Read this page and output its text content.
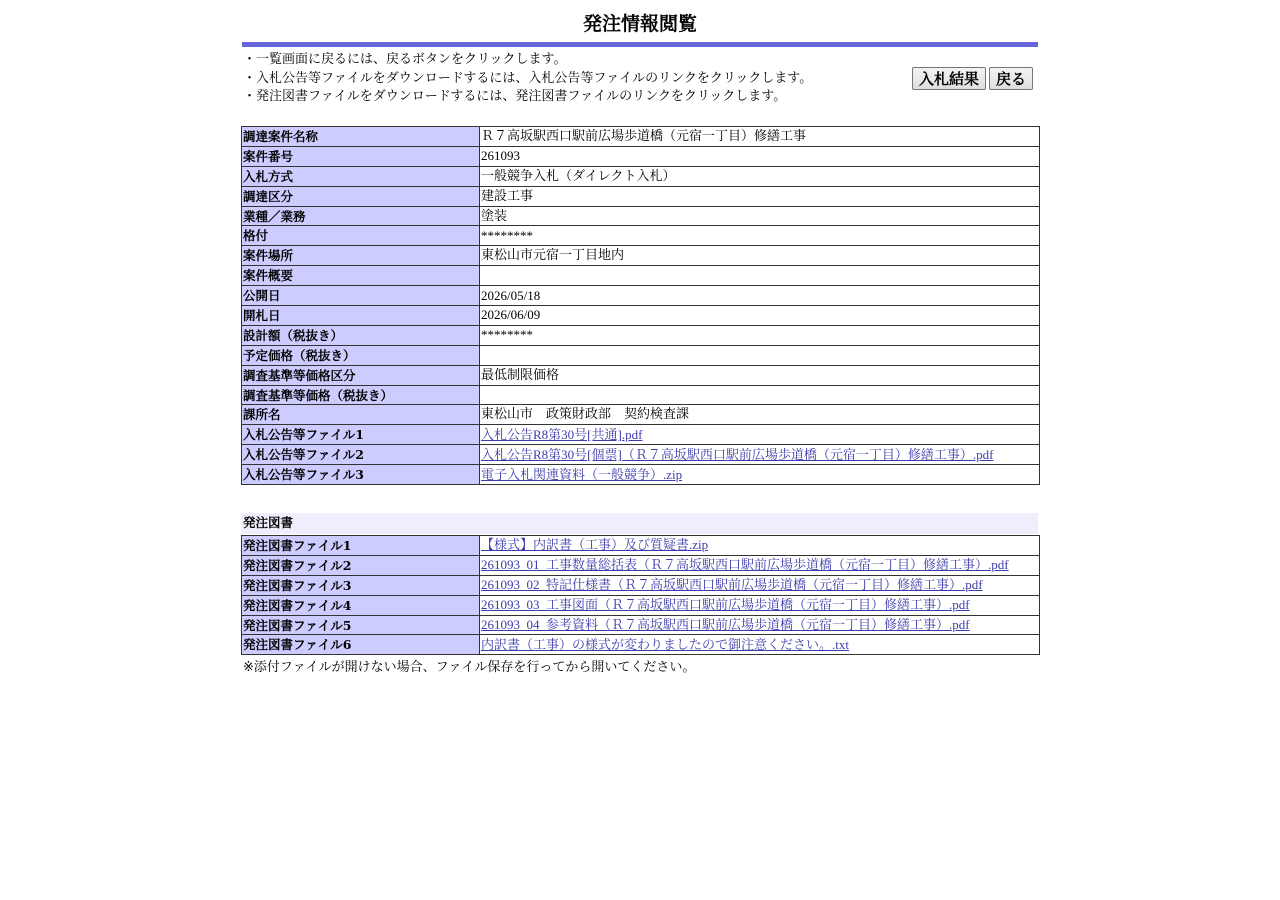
発注情報閲覧
・一覧画面に戻るには、戻るボタンをクリックします。
・入札公告等ファイルをダウンロードするには、入札公告等ファイルのリンクをクリックします。
・発注図書ファイルをダウンロードするには、発注図書ファイルのリンクをクリックします。
入札結果 戻る
調達案件名称	Ｒ７高坂駅西口駅前広場歩道橋（元宿一丁目）修繕工事
案件番号	261093
入札方式	一般競争入札（ダイレクト入札）
調達区分	建設工事
業種／業務	塗装
格付	********
案件場所	東松山市元宿一丁目地内
案件概要	
公開日	2026/05/18
開札日	2026/06/09
設計額（税抜き）	********
予定価格（税抜き）	
調査基準等価格区分	最低制限価格
調査基準等価格（税抜き）	
課所名	東松山市　政策財政部　契約検査課
入札公告等ファイル1	入札公告R8第30号[共通].pdf
入札公告等ファイル2	入札公告R8第30号[個票]（Ｒ７高坂駅西口駅前広場歩道橋（元宿一丁目）修繕工事）.pdf
入札公告等ファイル3	電子入札関連資料（一般競争）.zip
発注図書
発注図書ファイル1	【様式】内訳書（工事）及び質疑書.zip
発注図書ファイル2	261093_01_工事数量総括表（Ｒ７高坂駅西口駅前広場歩道橋（元宿一丁目）修繕工事）.pdf
発注図書ファイル3	261093_02_特記仕様書（Ｒ７高坂駅西口駅前広場歩道橋（元宿一丁目）修繕工事）.pdf
発注図書ファイル4	261093_03_工事図面（Ｒ７高坂駅西口駅前広場歩道橋（元宿一丁目）修繕工事）.pdf
発注図書ファイル5	261093_04_参考資料（Ｒ７高坂駅西口駅前広場歩道橋（元宿一丁目）修繕工事）.pdf
発注図書ファイル6	内訳書（工事）の様式が変わりましたので御注意ください。.txt
※添付ファイルが開けない場合、ファイル保存を行ってから開いてください。
